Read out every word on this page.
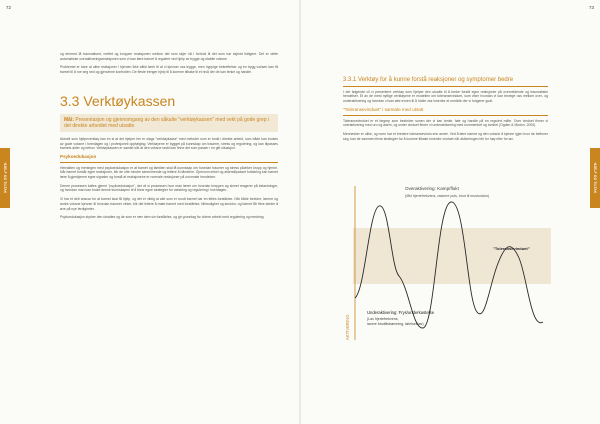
72
HJELP OG TILTAK

og dermed få traumatisert, mettet og kroppen reaksjonen mellom det som skjer nå i forhold til det som har skjedd tidligere. Det er dette automatiske overaktiveringsreaksjonen som vi kan lære barnet å regulere ved hjelp av trygge og stabile voksne.

Problemet er bare at ulike reaksjoner i hjernen ikke alltid fører til at vi kjenner oss trygge, men hyppige bekreftelser og en trygg voksen kan få barnet til å roe seg ned og gjenvinne kontrollen. De fleste trenger hjelp til å komme tilbake til et nivå der de kan tenke og handle.

3.3 Verktøykassen
Mål: Presentasjon og gjennomgang av den såkalte "verktøykassen" med vekt på gode grep i det direkte arbeidet med utsatte

Aktuelt som hjelpeverktøy kan en si at det hjelper her er slags "verktøykasse" med metoder som er brukt i direkte arbeid, som både kan brukes av gode voksne i hverdagen og i profesjonell oppfølging. Verktøyene er bygget på kunnskap om traumer, stress og regulering, og kan tilpasses barnets alder og behov. Verktøykassen er samlet slik at den voksne raskt kan finne det som passer i en gitt situasjon.

Psykoedukasjon

Hensikten og meningen med psykoedukasjon er at barnet og familien skal få kunnskap om hvordan traumer og stress påvirker kropp og hjerne. Når barnet forstår egne reaksjoner, blir de ofte mindre skremmende og lettere å håndtere. Gjennom enkel og alderstilpasset forklaring kan barnet lære å gjenkjenne egne signaler og forstå at reaksjonene er normale reaksjoner på unormale hendelser.

Denne prosessen kalles gjerne "psykoedukasjon", det vil si prosessen hvor man lærer om hvordan kroppen og sinnet reagerer på belastninger, og hvordan man kan bruke denne kunnskapen til å finne egne strategier for mestring og regulering i hverdagen.

Vi har et delt ansvar for at barnet skal få hjelp, og det er viktig at alle som er rundt barnet har en felles forståelse. Når både foreldre, lærere og andre voksne kjenner til hvordan traumer virker, blir det lettere å møte barnet med forståelse, tålmodighet og struktur, og barnet får flere steder å øve på nye ferdigheter.

Psykoedukasjon styrker den utsattes og de som er nær dem sin forståelse, og gir grunnlag for videre arbeid med regulering og mestring.

73
HJELP OG TILTAK
3.3.1 Verktøy for å kunne forstå reaksjoner og symptomer bedre

I det følgende vil vi presentere verktøy som hjelper den utsatte til å bedre forstå egne reaksjoner på overveldende og traumatiske hendelser. Et av de mest nyttige verktøyene er modellen om toleransevinduet, som viser hvordan vi kan bevege oss mellom over- og underaktivering og hvordan vi kan øke evnen til å holde oss innenfor et område der vi fungerer godt.

"Toleransevinduet" i samtale med utsatt

Toleransevinduet er et begrep som beskriver sonen der vi kan tenke, føle og handle på en regulert måte. Over vinduet finner vi overaktivering med uro og alarm, og under vinduet finner vi underaktivering med nummenhet og tomhet (Ogden & Minton, 2000).

Mennesker er ulike, og noen har et bredere toleransevindu enn andre. Ved å lære barnet og den voksne å kjenne igjen hvor de befinner seg, kan de sammen finne strategier for å komme tilbake innenfor vinduet når aktiveringen blir for høy eller for lav.

Overaktivering: Kamp/flukt
(Økt hjertefrekvens, raskere puls, blod til muskulatur)
"Toleransevinduet"
Underaktivering: Frys/underkastelse
(Lav hjertefrekvens, lavere blodtilstrømning, følelsesløs)
AKTIVERING
